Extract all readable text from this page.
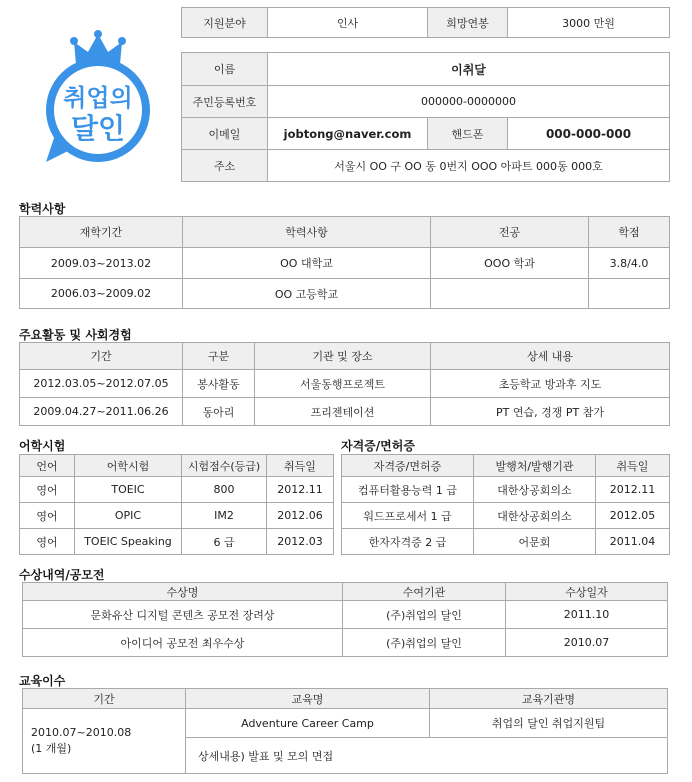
취업의
달인
지원분야	인사	희망연봉	3000 만원
이름	이취달		
주민등록번호	000000-0000000		
이메일	jobtong@naver.com	핸드폰	000-000-000
주소	서울시 OO 구 OO 동 0번지 OOO 아파트 000동 000호		
학력사항
재학기간	학력사항	전공	학점
2009.03~2013.02	OO 대학교	OOO 학과	3.8/4.0
2006.03~2009.02	OO 고등학교		
주요활동 및 사회경험
기간	구분	기관 및 장소	상세 내용
2012.03.05~2012.07.05	봉사활동	서울동행프로젝트	초등학교 방과후 지도
2009.04.27~2011.06.26	동아리	프리젠테이션	PT 연습, 경쟁 PT 참가
어학시험
언어	어학시험	시험점수(등급)	취득일
영어	TOEIC	800	2012.11
영어	OPIC	IM2	2012.06
영어	TOEIC Speaking	6 급	2012.03
자격증/면허증
자격증/면허증	발행처/발행기관	취득일
컴퓨터활용능력 1 급	대한상공회의소	2012.11
워드프로세서 1 급	대한상공회의소	2012.05
한자자격증 2 급	어문회	2011.04
수상내역/공모전
수상명	수여기관	수상일자
문화유산 디지털 콘텐츠 공모전 장려상	(주)취업의 달인	2011.10
아이디어 공모전 최우수상	(주)취업의 달인	2010.07
교육이수
기간	교육명	교육기관명

2010.07~2010.08
(1 개월)	Adventure Career Camp	취업의 달인 취업지원팀
	상세내용) 발표 및 모의 면접	
